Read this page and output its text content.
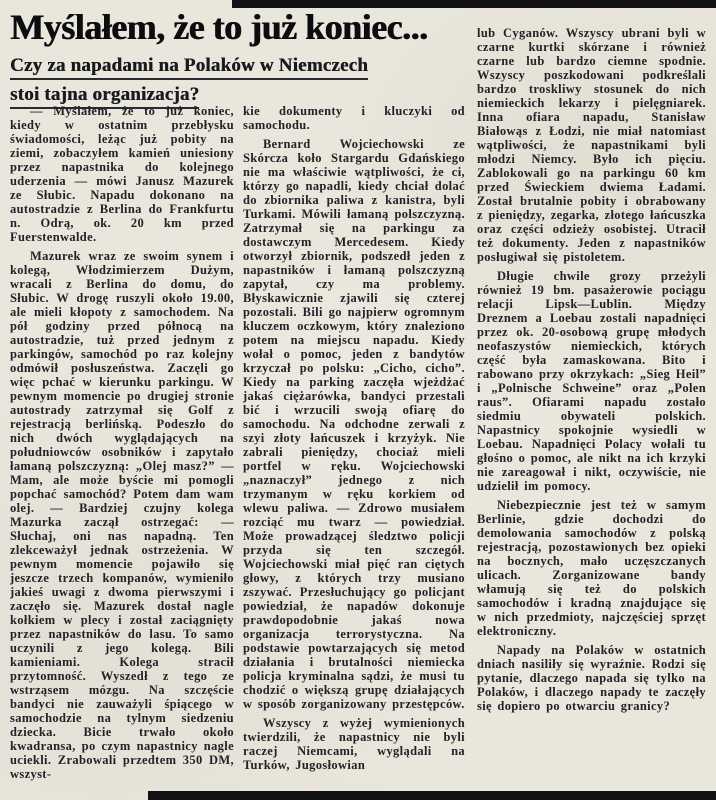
Myślałem, że to już koniec...
Czy za napadami na Polaków w Niemczech
stoi tajna organizacja?

— Myślałem, że to już koniec, kiedy w ostatnim przebłysku świadomości, leżąc już pobity na ziemi, zobaczyłem kamień uniesiony przez napastnika do kolejnego uderzenia — mówi Janusz Mazurek ze Słubic. Napadu dokonano na autostradzie z Berlina do Frankfurtu n. Odrą, ok. 20 km przed Fuerstenwalde.

Mazurek wraz ze swoim synem i kolegą, Włodzimierzem Dużym, wracali z Berlina do domu, do Słubic. W drogę ruszyli około 19.00, ale mieli kłopoty z samochodem. Na pół godziny przed północą na autostradzie, tuż przed jednym z parkingów, samochód po raz kolejny odmówił posłuszeństwa. Zaczęli go więc pchać w kierunku parkingu. W pewnym momencie po drugiej stronie autostrady zatrzymał się Golf z rejestracją berlińską. Podeszło do nich dwóch wyglądających na południowców osobników i zapytało łamaną polszczyzną: „Olej masz?” — Mam, ale może byście mi pomogli popchać samochód? Potem dam wam olej. — Bardziej czujny kolega Mazurka zaczął ostrzegać: — Słuchaj, oni nas napadną. Ten zlekceważył jednak ostrzeżenia. W pewnym momencie pojawiło się jeszcze trzech kompanów, wymieniło jakieś uwagi z dwoma pierwszymi i zaczęło się. Mazurek dostał nagle kołkiem w plecy i został zaciągnięty przez napastników do lasu. To samo uczynili z jego kolegą. Bili kamieniami. Kolega stracił przytomność. Wyszedł z tego ze wstrząsem mózgu. Na szczęście bandyci nie zauważyli śpiącego w samochodzie na tylnym siedzeniu dziecka. Bicie trwało około kwadransa, po czym napastnicy nagle uciekli. Zrabowali przedtem 350 DM, wszyst-

kie dokumenty i kluczyki od samochodu.

Bernard Wojciechowski ze Skórcza koło Stargardu Gdańskiego nie ma właściwie wątpliwości, że ci, którzy go napadli, kiedy chciał dolać do zbiornika paliwa z kanistra, byli Turkami. Mówili łamaną polszczyzną. Zatrzymał się na parkingu za dostawczym Mercedesem. Kiedy otworzył zbiornik, podszedł jeden z napastników i łamaną polszczyzną zapytał, czy ma problemy. Błyskawicznie zjawili się czterej pozostali. Bili go najpierw ogromnym kluczem oczkowym, który znaleziono potem na miejscu napadu. Kiedy wołał o pomoc, jeden z bandytów krzyczał po polsku: „Cicho, cicho”. Kiedy na parking zaczęła wjeżdżać jakaś ciężarówka, bandyci przestali bić i wrzucili swoją ofiarę do samochodu. Na odchodne zerwali z szyi złoty łańcuszek i krzyżyk. Nie zabrali pieniędzy, chociaż mieli portfel w ręku. Wojciechowski „naznaczył” jednego z nich trzymanym w ręku korkiem od wlewu paliwa. — Zdrowo musiałem rozciąć mu twarz — powiedział. Może prowadzącej śledztwo policji przyda się ten szczegół. Wojciechowski miał pięć ran ciętych głowy, z których trzy musiano zszywać. Przesłuchujący go policjant powiedział, że napadów dokonuje prawdopodobnie jakaś nowa organizacja terrorystyczna. Na podstawie powtarzających się metod działania i brutalności niemiecka policja kryminalna sądzi, że musi tu chodzić o większą grupę działających w sposób zorganizowany przestępców.

Wszyscy z wyżej wymienionych twierdzili, że napastnicy nie byli raczej Niemcami, wyglądali na Turków, Jugosłowian

lub Cyganów. Wszyscy ubrani byli w czarne kurtki skórzane i również czarne lub bardzo ciemne spodnie. Wszyscy poszkodowani podkreślali bardzo troskliwy stosunek do nich niemieckich lekarzy i pielęgniarek. Inna ofiara napadu, Stanisław Białowąs z Łodzi, nie miał natomiast wątpliwości, że napastnikami byli młodzi Niemcy. Było ich pięciu. Zablokowali go na parkingu 60 km przed Świeckiem dwiema Ładami. Został brutalnie pobity i obrabowany z pieniędzy, zegarka, złotego łańcuszka oraz części odzieży osobistej. Utracił też dokumenty. Jeden z napastników posługiwał się pistoletem.

Długie chwile grozy przeżyli również 19 bm. pasażerowie pociągu relacji Lipsk—Lublin. Między Dreznem a Loebau zostali napadnięci przez ok. 20-osobową grupę młodych neofaszystów niemieckich, których część była zamaskowana. Bito i rabowano przy okrzykach: „Sieg Heil” i „Polnische Schweine” oraz „Polen raus”. Ofiarami napadu zostało siedmiu obywateli polskich. Napastnicy spokojnie wysiedli w Loebau. Napadnięci Polacy wołali tu głośno o pomoc, ale nikt na ich krzyki nie zareagował i nikt, oczywiście, nie udzielił im pomocy.

Niebezpiecznie jest też w samym Berlinie, gdzie dochodzi do demolowania samochodów z polską rejestracją, pozostawionych bez opieki na bocznych, mało uczęszczanych ulicach. Zorganizowane bandy włamują się też do polskich samochodów i kradną znajdujące się w nich przedmioty, najczęściej sprzęt elektroniczny.

Napady na Polaków w ostatnich dniach nasiliły się wyraźnie. Rodzi się pytanie, dlaczego napada się tylko na Polaków, i dlaczego napady te zaczęły się dopiero po otwarciu granicy?
